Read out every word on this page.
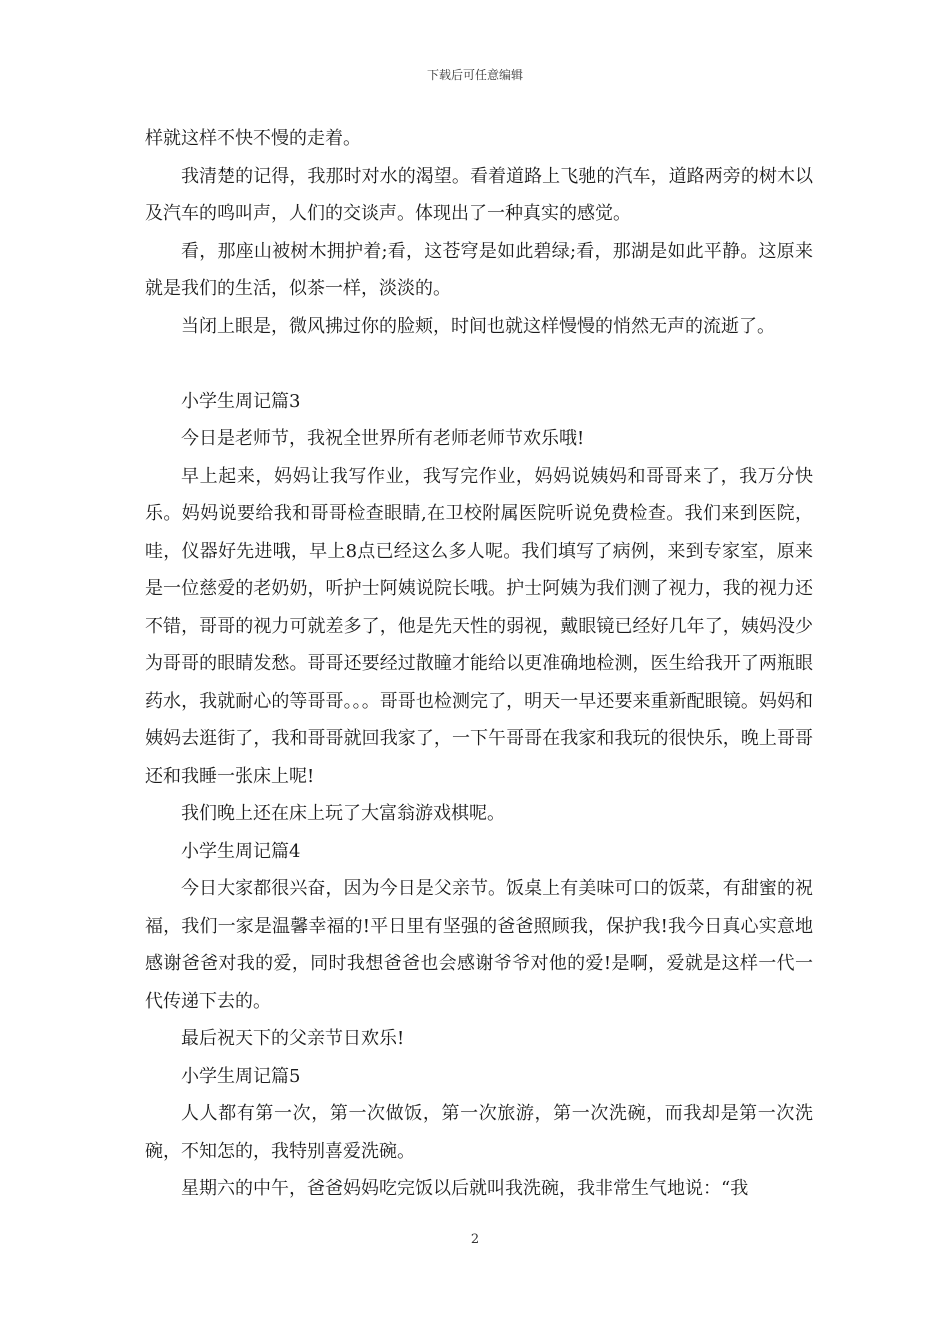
下载后可任意编辑

样就这样不快不慢的走着。

我清楚的记得，我那时对水的渴望。看着道路上飞驰的汽车，道路两旁的树木以及汽车的鸣叫声，人们的交谈声。体现出了一种真实的感觉。

看，那座山被树木拥护着;看，这苍穹是如此碧绿;看，那湖是如此平静。这原来就是我们的生活，似茶一样，淡淡的。

当闭上眼是，微风拂过你的脸颊，时间也就这样慢慢的悄然无声的流逝了。

小学生周记篇3

今日是老师节，我祝全世界所有老师老师节欢乐哦!

早上起来，妈妈让我写作业，我写完作业，妈妈说姨妈和哥哥来了，我万分快乐。妈妈说要给我和哥哥检查眼睛,在卫校附属医院听说免费检查。我们来到医院，哇，仪器好先进哦，早上8点已经这么多人呢。我们填写了病例，来到专家室，原来是一位慈爱的老奶奶，听护士阿姨说院长哦。护士阿姨为我们测了视力，我的视力还不错，哥哥的视力可就差多了，他是先天性的弱视，戴眼镜已经好几年了，姨妈没少为哥哥的眼睛发愁。哥哥还要经过散瞳才能给以更准确地检测，医生给我开了两瓶眼药水，我就耐心的等哥哥。。。哥哥也检测完了，明天一早还要来重新配眼镜。妈妈和姨妈去逛街了，我和哥哥就回我家了，一下午哥哥在我家和我玩的很快乐，晚上哥哥还和我睡一张床上呢!

我们晚上还在床上玩了大富翁游戏棋呢。

小学生周记篇4

今日大家都很兴奋，因为今日是父亲节。饭桌上有美味可口的饭菜，有甜蜜的祝福，我们一家是温馨幸福的!平日里有坚强的爸爸照顾我，保护我!我今日真心实意地感谢爸爸对我的爱，同时我想爸爸也会感谢爷爷对他的爱!是啊，爱就是这样一代一代传递下去的。

最后祝天下的父亲节日欢乐!

小学生周记篇5

人人都有第一次，第一次做饭，第一次旅游，第一次洗碗，而我却是第一次洗碗，不知怎的，我特别喜爱洗碗。

星期六的中午，爸爸妈妈吃完饭以后就叫我洗碗，我非常生气地说：“我

2
